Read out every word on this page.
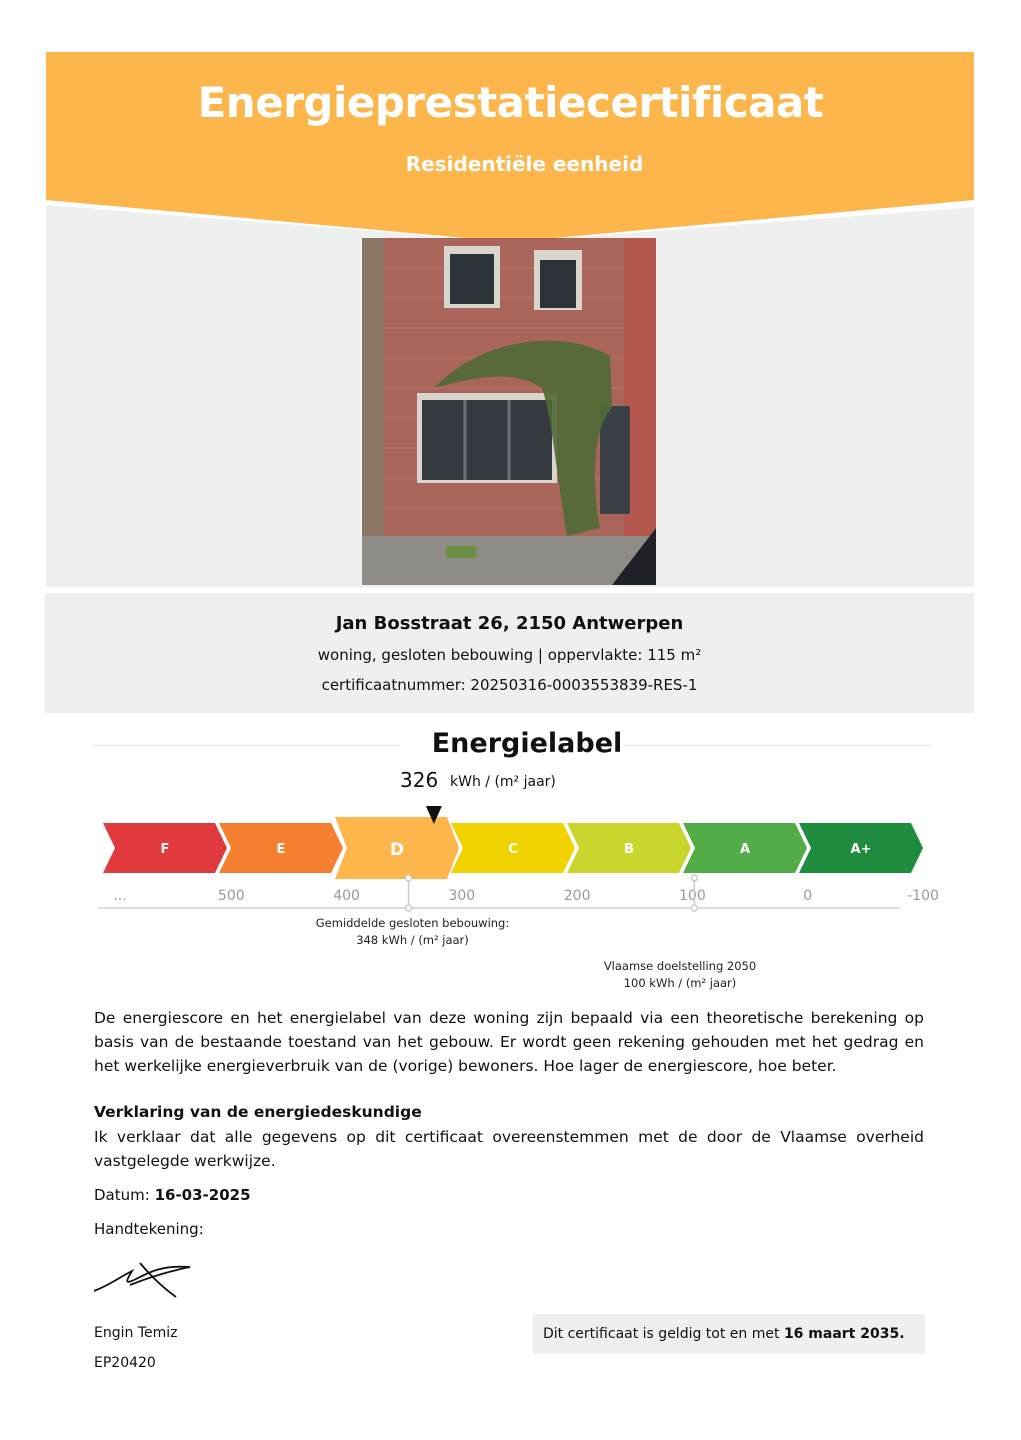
Energieprestatiecertificaat
Residentiële eenheid
Jan Bosstraat 26, 2150 Antwerpen
woning, gesloten bebouwing | oppervlakte: 115 m²
certificaatnummer: 20250316-0003553839-RES-1
Energielabel
326 kWh / (m² jaar)
F	E	D	C	B	A	A+
...	500	400	300	200	100	0	-100
Gemiddelde gesloten bebouwing:
348 kWh / (m² jaar)
Vlaamse doelstelling 2050
100 kWh / (m² jaar)
De energiescore en het energielabel van deze woning zijn bepaald via een theoretische berekening op basis van de bestaande toestand van het gebouw. Er wordt geen rekening gehouden met het gedrag en het werkelijke energieverbruik van de (vorige) bewoners. Hoe lager de energiescore, hoe beter.
Verklaring van de energiedeskundige
Ik verklaar dat alle gegevens op dit certificaat overeenstemmen met de door de Vlaamse overheid vastgelegde werkwijze.
Datum: 16-03-2025
Handtekening:
Engin Temiz
EP20420
Dit certificaat is geldig tot en met 16 maart 2035.
